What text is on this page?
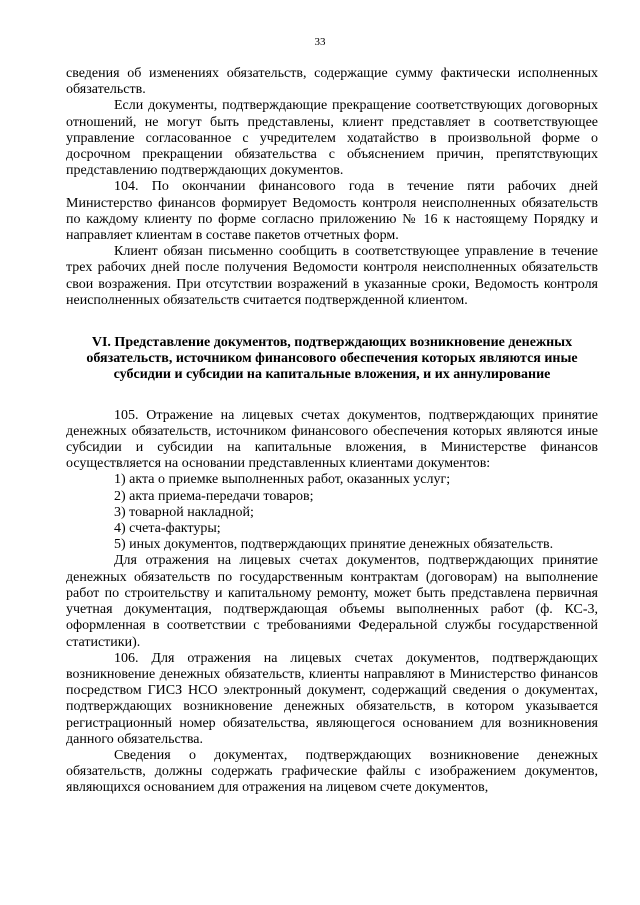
33

сведения об изменениях обязательств, содержащие сумму фактически исполненных обязательств.

Если документы, подтверждающие прекращение соответствующих договорных отношений, не могут быть представлены, клиент представляет в соответствующее управление согласованное с учредителем ходатайство в произвольной форме о досрочном прекращении обязательства с объяснением причин, препятствующих представлению подтверждающих документов.

104. По окончании финансового года в течение пяти рабочих дней Министерство финансов формирует Ведомость контроля неисполненных обязательств по каждому клиенту по форме согласно приложению № 16 к настоящему Порядку и направляет клиентам в составе пакетов отчетных форм.

Клиент обязан письменно сообщить в соответствующее управление в течение трех рабочих дней после получения Ведомости контроля неисполненных обязательств свои возражения. При отсутствии возражений в указанные сроки, Ведомость контроля неисполненных обязательств считается подтвержденной клиентом.

VI. Представление документов, подтверждающих возникновение денежных
обязательств, источником финансового обеспечения которых являются иные
субсидии и субсидии на капитальные вложения, и их аннулирование

105. Отражение на лицевых счетах документов, подтверждающих принятие денежных обязательств, источником финансового обеспечения которых являются иные субсидии и субсидии на капитальные вложения, в Министерстве финансов осуществляется на основании представленных клиентами документов:

1) акта о приемке выполненных работ, оказанных услуг;

2) акта приема-передачи товаров;

3) товарной накладной;

4) счета-фактуры;

5) иных документов, подтверждающих принятие денежных обязательств.

Для отражения на лицевых счетах документов, подтверждающих принятие денежных обязательств по государственным контрактам (договорам) на выполнение работ по строительству и капитальному ремонту, может быть представлена первичная учетная документация, подтверждающая объемы выполненных работ (ф. КС-3, оформленная в соответствии с требованиями Федеральной службы государственной статистики).

106. Для отражения на лицевых счетах документов, подтверждающих возникновение денежных обязательств, клиенты направляют в Министерство финансов посредством ГИСЗ НСО электронный документ, содержащий сведения о документах, подтверждающих возникновение денежных обязательств, в котором указывается регистрационный номер обязательства, являющегося основанием для возникновения данного обязательства.

Сведения о документах, подтверждающих возникновение денежных обязательств, должны содержать графические файлы с изображением документов, являющихся основанием для отражения на лицевом счете документов,
